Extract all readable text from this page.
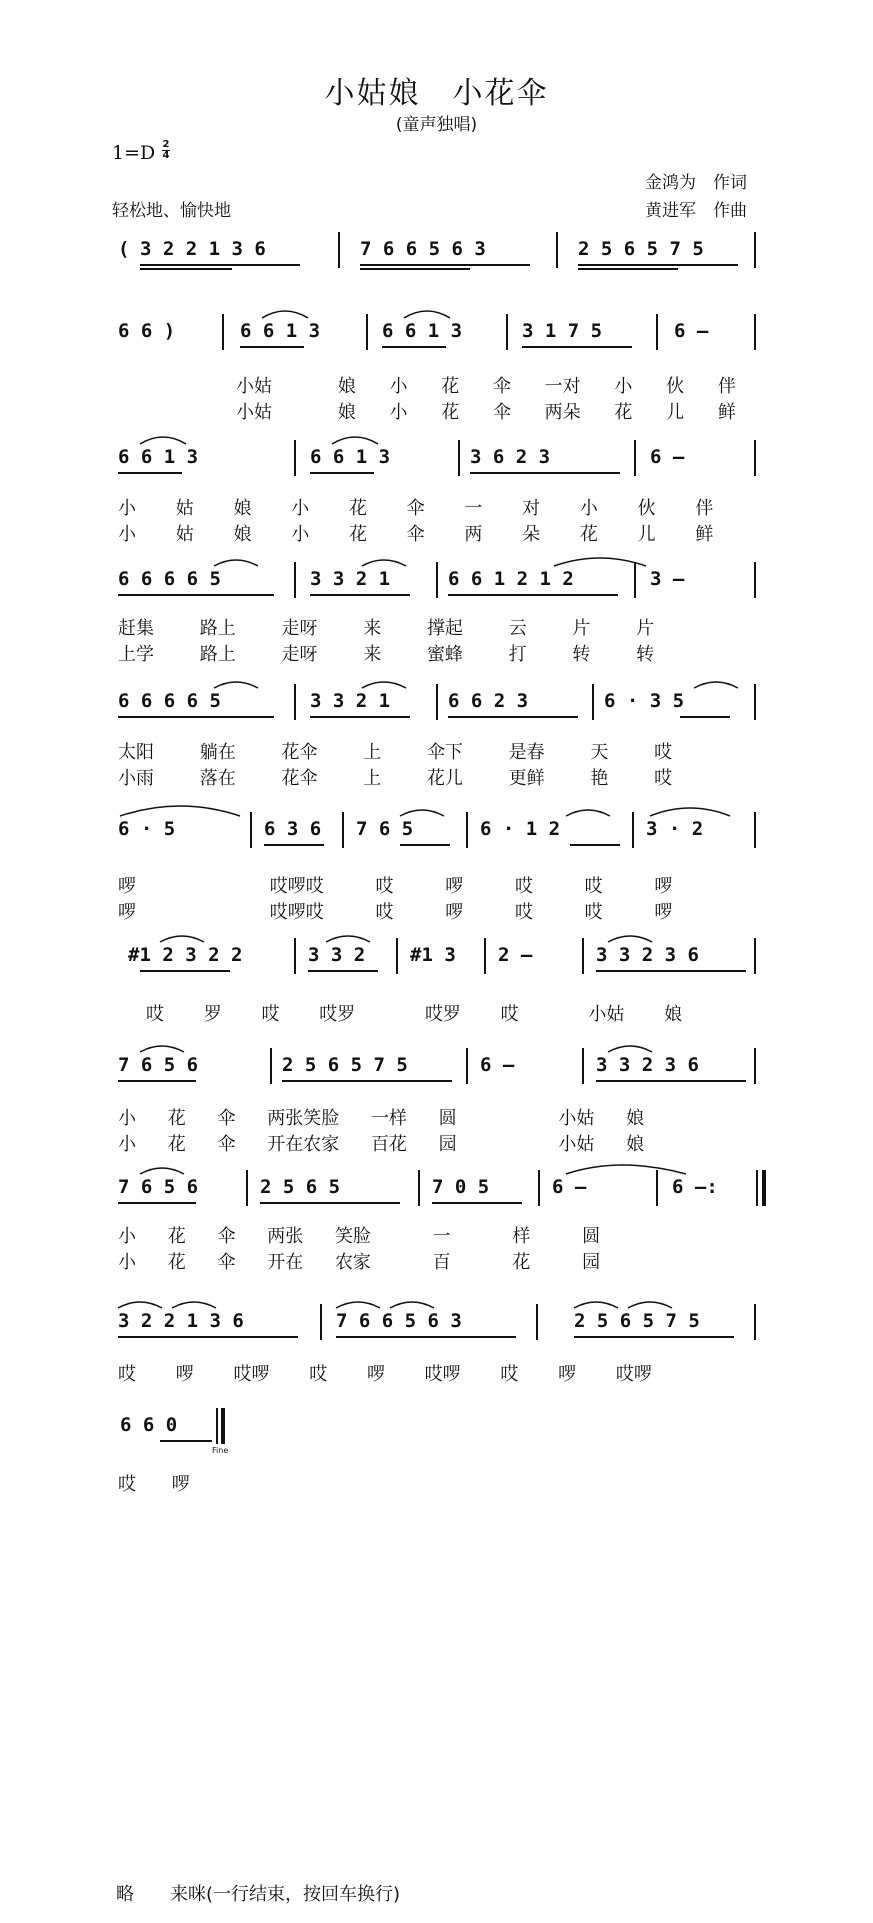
小姑娘　小花伞
(童声独唱)
1=D 2
4
金鸿为　作词
黄进军　作曲
轻松地、愉快地
( 3 2 2 1 3 6	7 6 6 5 6 3	2 5 6 5 7 5
6 6 )	6 6 1 3	6 6 1 3	3 1 7 5	6 —
小姑	娘 小 花 伞 一对 小 伙 伴
小姑	娘 小 花 伞 两朵 花 儿 鲜
6 6 1 3	6 6 1 3	3 6 2 3	6 —
小 姑 娘 小 花 伞 一 对 小 伙 伴
小 姑 娘 小 花 伞 两 朵 花 儿 鲜
6 6 6 6 5	3 3 2 1	6 6 1 2 1 2	3 —
赶集	路上	走呀	来	撑起	云	片	片
上学	路上	走呀	来	蜜蜂	打	转	转
6 6 6 6 5	3 3 2 1	6 6 2 3	6 · 3 5
太阳	躺在	花伞	上	伞下	是春	天	哎
小雨	落在	花伞	上	花儿	更鲜	艳	哎
6 · 5	6 3 6 7 6 5	6 · 1 2	3 · 2
啰	哎啰哎	哎	啰	哎	哎	啰
啰	哎啰哎	哎	啰	哎	哎	啰
#1 2 3 2 2	3 3 2 #1 3 2 —	3 3 2 3 6
哎 罗 哎 哎罗	哎罗 哎	小姑 娘
7 6 5 6	2 5 6 5 7 5	6 —	3 3 2 3 6
小 花 伞 两张笑脸 一样 圆	小姑 娘
小 花 伞 开在农家 百花 园	小姑 娘
7 6 5 6	2 5 6 5	7 0 5	6 —	6 —:
小 花 伞 两张 笑脸	一	样	圆
小 花 伞 开在 农家	百	花	园
3 2 2 1 3 6	7 6 6 5 6 3	2 5 6 5 7 5
哎 啰 哎啰 哎 啰 哎啰 哎 啰 哎啰
6 6 0
Fine
哎 啰
略　　来咪(一行结束，按回车换行)
